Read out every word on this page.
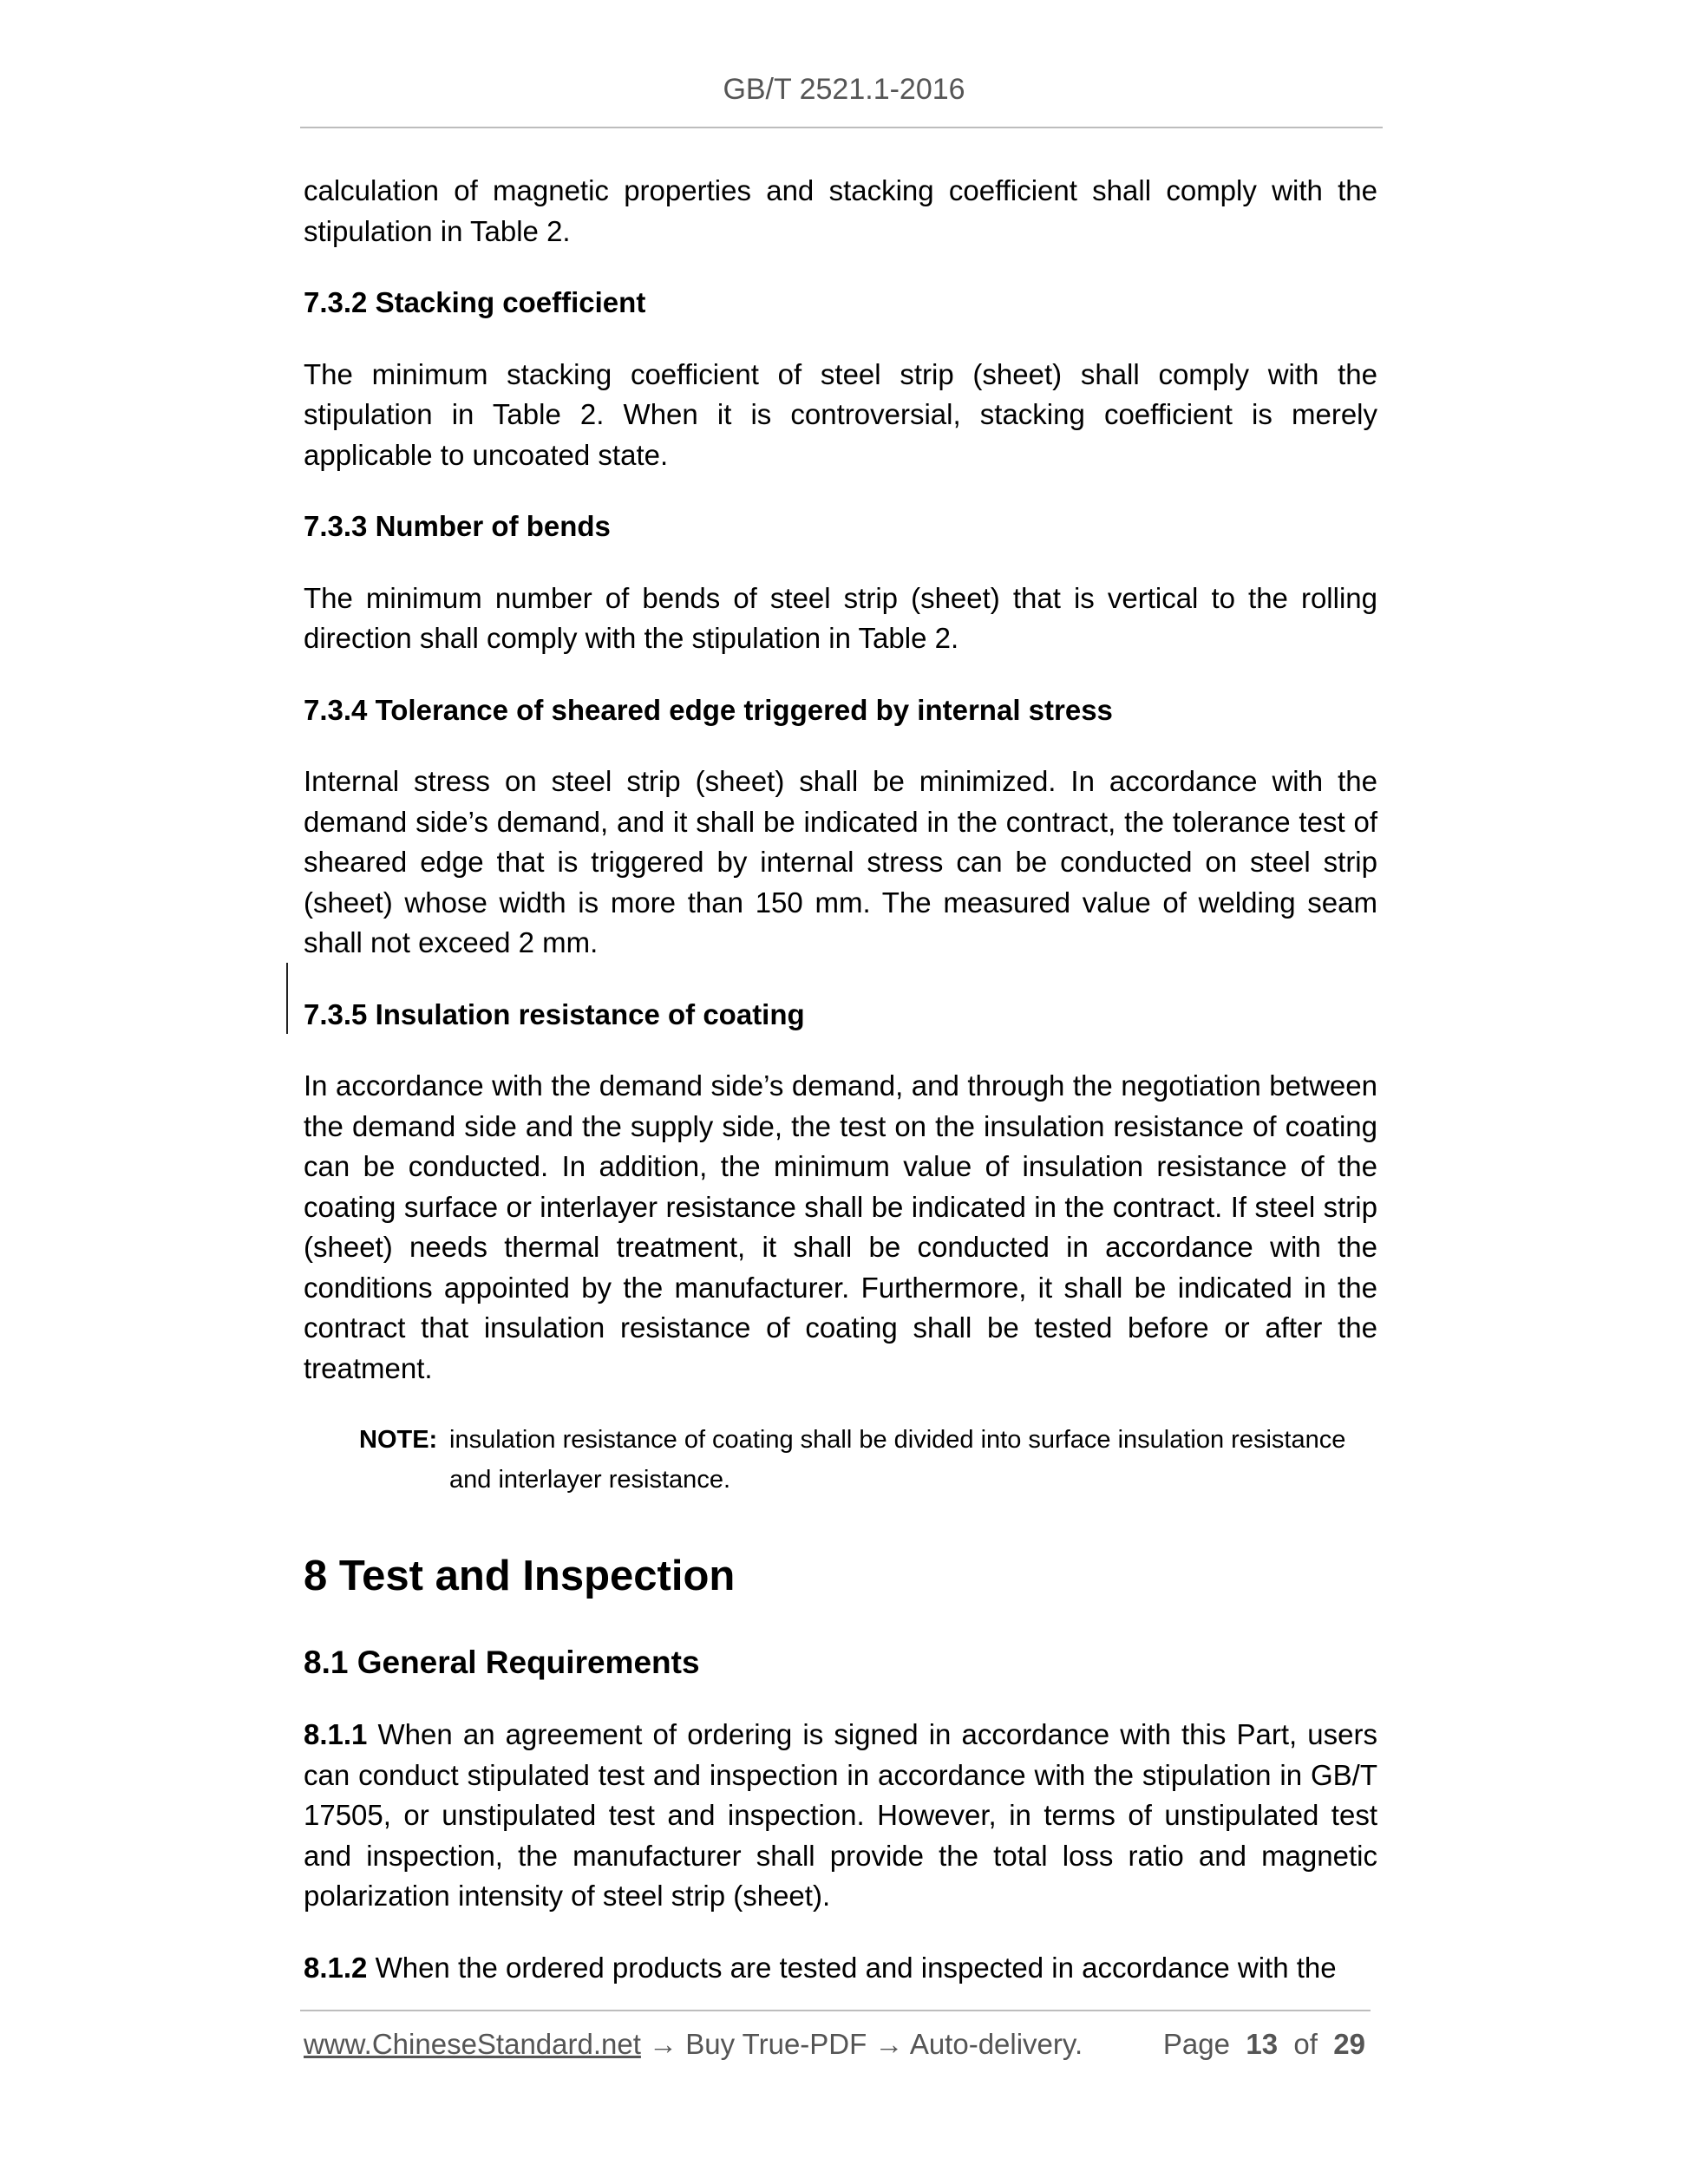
GB/T 2521.1-2016

calculation of magnetic properties and stacking coefficient shall comply with the stipulation in Table 2.

7.3.2 Stacking coefficient

The minimum stacking coefficient of steel strip (sheet) shall comply with the stipulation in Table 2. When it is controversial, stacking coefficient is merely applicable to uncoated state.

7.3.3 Number of bends

The minimum number of bends of steel strip (sheet) that is vertical to the rolling direction shall comply with the stipulation in Table 2.

7.3.4 Tolerance of sheared edge triggered by internal stress

Internal stress on steel strip (sheet) shall be minimized. In accordance with the demand side’s demand, and it shall be indicated in the contract, the tolerance test of sheared edge that is triggered by internal stress can be conducted on steel strip (sheet) whose width is more than 150 mm. The measured value of welding seam shall not exceed 2 mm.

7.3.5 Insulation resistance of coating

In accordance with the demand side’s demand, and through the negotiation between the demand side and the supply side, the test on the insulation resistance of coating can be conducted. In addition, the minimum value of insulation resistance of the coating surface or interlayer resistance shall be indicated in the contract. If steel strip (sheet) needs thermal treatment, it shall be conducted in accordance with the conditions appointed by the manufacturer. Furthermore, it shall be indicated in the contract that insulation resistance of coating shall be tested before or after the treatment.

NOTE: insulation resistance of coating shall be divided into surface insulation resistance and interlayer resistance.
8 Test and Inspection
8.1 General Requirements

8.1.1 When an agreement of ordering is signed in accordance with this Part, users can conduct stipulated test and inspection in accordance with the stipulation in GB/T 17505, or unstipulated test and inspection. However, in terms of unstipulated test and inspection, the manufacturer shall provide the total loss ratio and magnetic polarization intensity of steel strip (sheet).

8.1.2 When the ordered products are tested and inspected in accordance with the

www.ChineseStandard.net → Buy True-PDF → Auto-delivery.	Page 13 of 29
